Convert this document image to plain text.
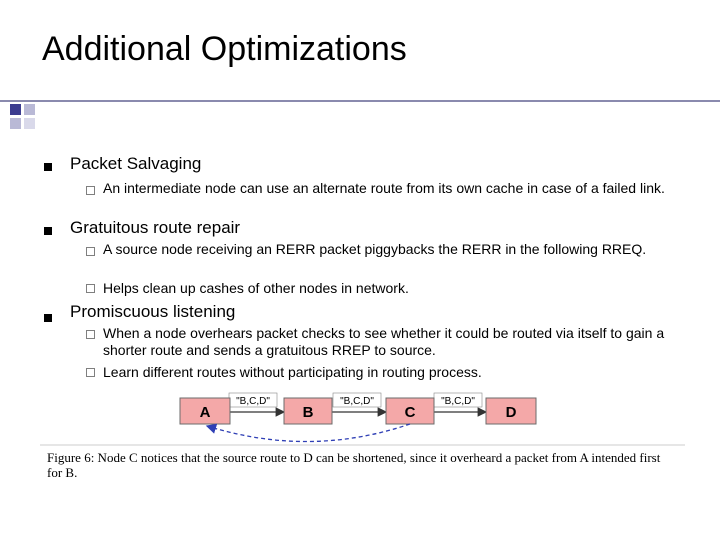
Additional Optimizations
Packet Salvaging
An intermediate node can use an alternate route from its own cache in case of a failed link.
Gratuitous route repair
A source node receiving an RERR packet piggybacks the RERR in the following RREQ.
Helps clean up cashes of other nodes in network.
Promiscuous listening
When a node overhears packet checks to see whether it could be routed via itself to gain a shorter route and sends a gratuitous RREP to source.
Learn different routes without participating in routing process.
"B,C,D"	"B,C,D"	"B,C,D"
A	B	C	D
Figure 6: Node C notices that the source route to D can be shortened, since it overheard a packet from A intended first for B.
